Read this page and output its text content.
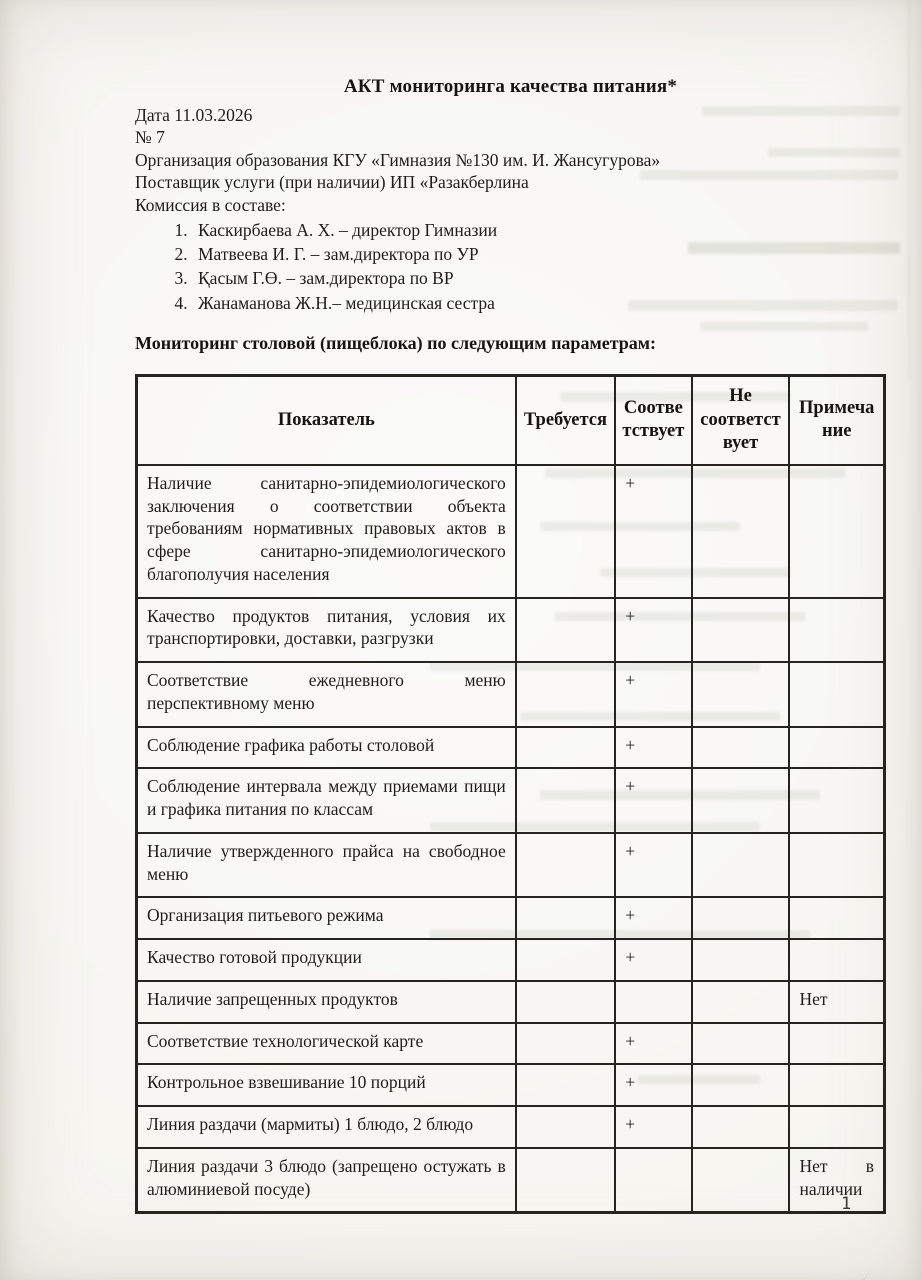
АКТ мониторинга качества питания*

Дата 11.03.2026

№ 7

Организация образования КГУ «Гимназия №130 им. И. Жансугурова»

Поставщик услуги (при наличии) ИП «Разакберлина

Комиссия в составе:

1. Каскирбаева А. Х. – директор Гимназии
2. Матвеева И. Г. – зам.директора по УР
3. Қасым Г.Ө. – зам.директора по ВР
4. Жанаманова Ж.Н.– медицинская сестра

Мониторинг столовой (пищеблока) по следующим параметрам:

Показатель	Требуется	Соответствует	Не соответствует	Примечание
Наличие санитарно-эпидемиологического заключения о соответствии объекта требованиям нормативных правовых актов в сфере санитарно-эпидемиологического благополучия населения		+		
Качество продуктов питания, условия их транспортировки, доставки, разгрузки		+		
Соответствие ежедневного меню перспективному меню		+		
Соблюдение графика работы столовой		+		
Соблюдение интервала между приемами пищи и графика питания по классам		+		
Наличие утвержденного прайса на свободное меню		+		
Организация питьевого режима		+		
Качество готовой продукции		+		
Наличие запрещенных продуктов				Нет
Соответствие технологической карте		+		
Контрольное взвешивание 10 порций		+		
Линия раздачи (мармиты) 1 блюдо, 2 блюдо		+		
Линия раздачи 3 блюдо (запрещено остужать в алюминиевой посуде)				Нет в наличии
1
